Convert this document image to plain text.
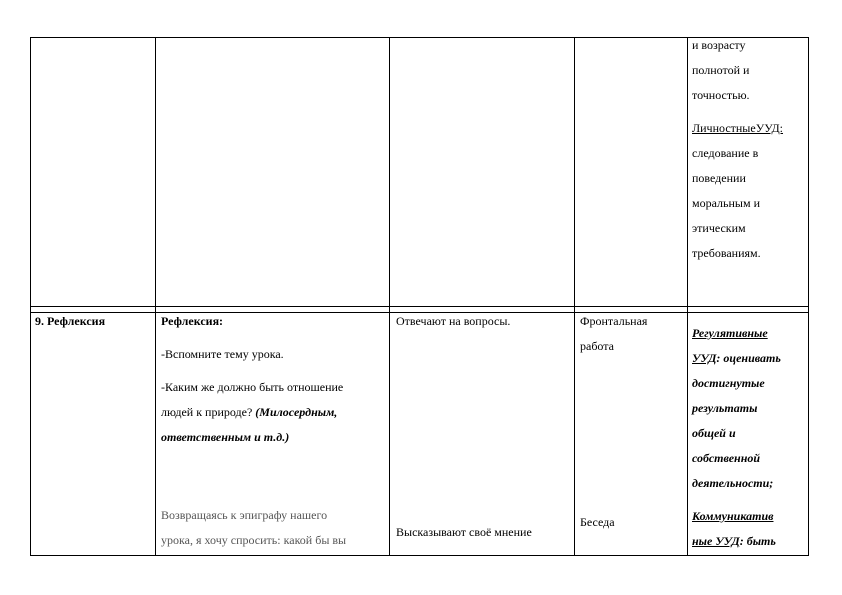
и возрасту

полнотой и

точностью.

ЛичностныеУУД:

следование в

поведении

моральным и

этическим

требованиям.

9. Рефлексия	Рефлексия:

-Вспомните тему урока.

-Каким же должно быть отношение

людей к природе? (Милосердным,

ответственным и т.д.)

Возвращаясь к эпиграфу нашего

урока, я хочу спросить: какой бы вы

Отвечают на вопросы.

Высказывают своё мнение

Фронтальная

работа

Беседа

Регулятивные

УУД: оценивать

достигнутые

результаты

общей и

собственной

деятельности;

Коммуникатив

ные УУД: быть
